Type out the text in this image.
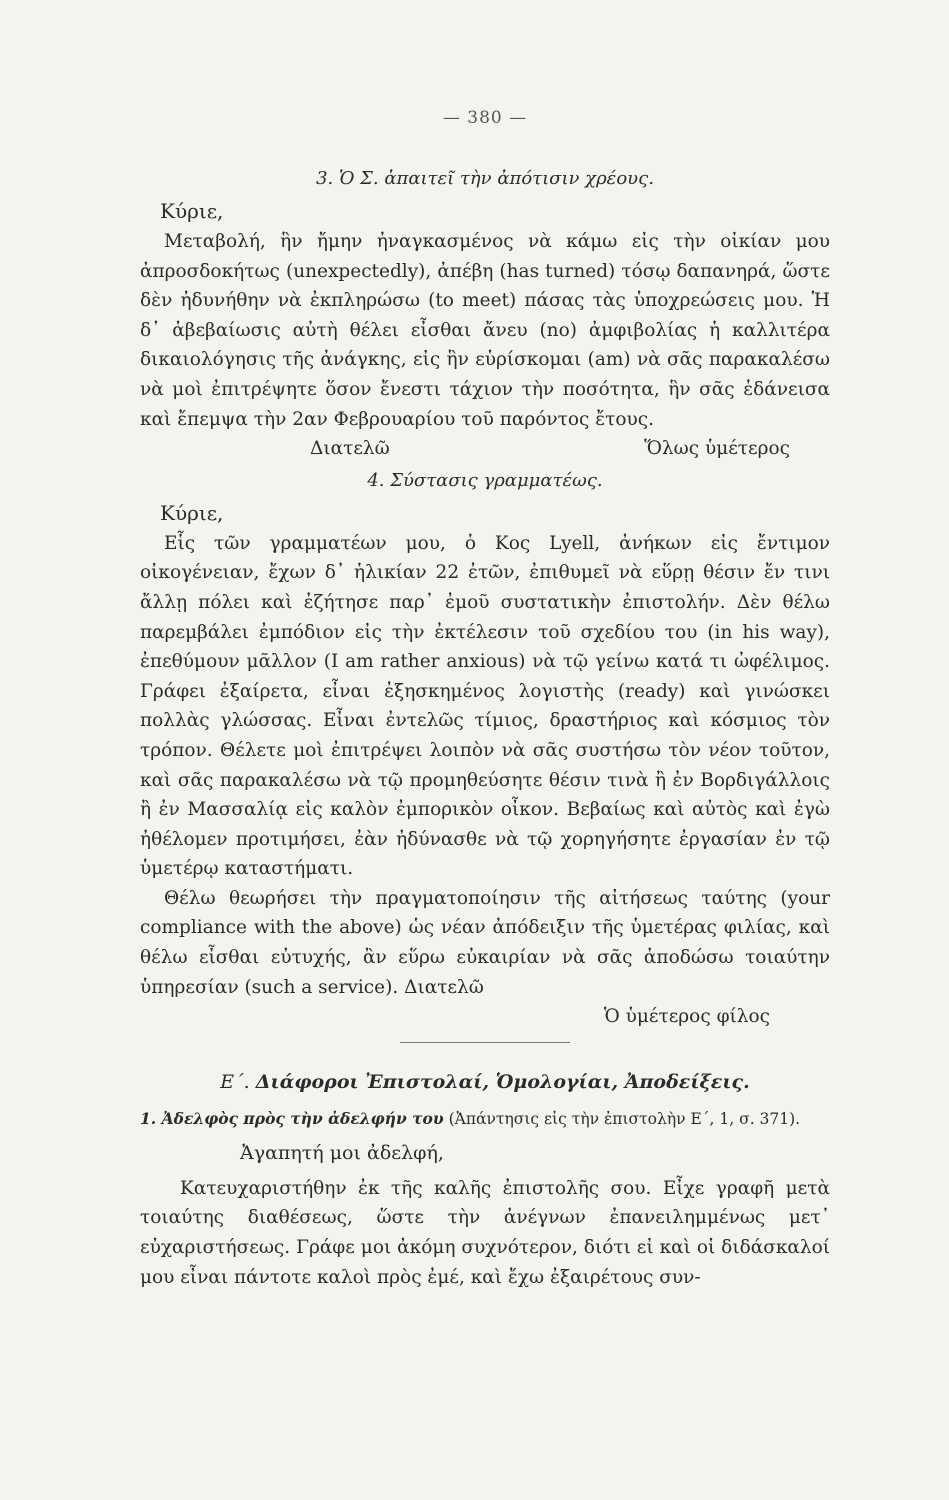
— 380 —
3. Ὁ Σ. ἀπαιτεῖ τὴν ἀπότισιν χρέους.
Κύριε,

Μεταβολή, ἣν ἤμην ἠναγκασμένος νὰ κάμω εἰς τὴν οἰκίαν μου ἀπροσδοκήτως (unexpectedly), ἀπέβη (has turned) τόσῳ δαπανηρά, ὥστε δὲν ἠδυνήθην νὰ ἐκπληρώσω (to meet) πάσας τὰς ὑποχρεώσεις μου. Ἡ δ᾽ ἀβεβαίωσις αὐτὴ θέλει εἶσθαι ἄνευ (no) ἀμφιβολίας ἡ καλλιτέρα δικαιολόγησις τῆς ἀνάγκης, εἰς ἣν εὑρίσκομαι (am) νὰ σᾶς παρακαλέσω νὰ μοὶ ἐπιτρέψητε ὅσον ἔνεστι τάχιον τὴν ποσότητα, ἣν σᾶς ἐδάνεισα καὶ ἔπεμψα τὴν 2αν Φεβρουαρίου τοῦ παρόντος ἔτους.

Διατελῶ	Ὅλως ὑμέτερος
4. Σύστασις γραμματέως.
Κύριε,

Εἷς τῶν γραμματέων μου, ὁ Κος Lyell, ἀνήκων εἰς ἔντιμον οἰκογένειαν, ἔχων δ᾽ ἡλικίαν 22 ἐτῶν, ἐπιθυμεῖ νὰ εὕρῃ θέσιν ἔν τινι ἄλλῃ πόλει καὶ ἐζήτησε παρ᾽ ἐμοῦ συστατικὴν ἐπιστολήν. Δὲν θέλω παρεμβάλει ἐμπόδιον εἰς τὴν ἐκτέλεσιν τοῦ σχεδίου του (in his way), ἐπεθύμουν μᾶλλον (I am rather anxious) νὰ τῷ γείνω κατά τι ὠφέλιμος. Γράφει ἐξαίρετα, εἶναι ἐξησκημένος λογιστὴς (ready) καὶ γινώσκει πολλὰς γλώσσας. Εἶναι ἐντελῶς τίμιος, δραστήριος καὶ κόσμιος τὸν τρόπον. Θέλετε μοὶ ἐπιτρέψει λοιπὸν νὰ σᾶς συστήσω τὸν νέον τοῦτον, καὶ σᾶς παρακαλέσω νὰ τῷ προμηθεύσητε θέσιν τινὰ ἢ ἐν Βορδιγάλλοις ἢ ἐν Μασσαλίᾳ εἰς καλὸν ἐμπορικὸν οἶκον. Βεβαίως καὶ αὐτὸς καὶ ἐγὼ ἠθέλομεν προτιμήσει, ἐὰν ἠδύνασθε νὰ τῷ χορηγήσητε ἐργασίαν ἐν τῷ ὑμετέρῳ καταστήματι.

Θέλω θεωρήσει τὴν πραγματοποίησιν τῆς αἰτήσεως ταύτης (your compliance with the above) ὡς νέαν ἀπόδειξιν τῆς ὑμετέρας φιλίας, καὶ θέλω εἶσθαι εὐτυχής, ἂν εὕρω εὐκαιρίαν νὰ σᾶς ἀποδώσω τοιαύτην ὑπηρεσίαν (such a service). Διατελῶ

Ὁ ὑμέτερος φίλος
Ε΄. Διάφοροι Ἐπιστολαί, Ὁμολογίαι, Ἀποδείξεις.
1. Ἀδελφὸς πρὸς τὴν ἀδελφήν του (Ἀπάντησις εἰς τὴν ἐπιστολὴν Ε΄, 1, σ. 371).
Ἀγαπητή μοι ἀδελφή,

Κατευχαριστήθην ἐκ τῆς καλῆς ἐπιστολῆς σου. Εἶχε γραφῆ μετὰ τοιαύτης διαθέσεως, ὥστε τὴν ἀνέγνων ἐπανειλημμένως μετ᾽ εὐχαριστήσεως. Γράφε μοι ἀκόμη συχνότερον, διότι εἰ καὶ οἱ διδάσκαλοί μου εἶναι πάντοτε καλοὶ πρὸς ἐμέ, καὶ ἔχω ἐξαιρέτους συν-
